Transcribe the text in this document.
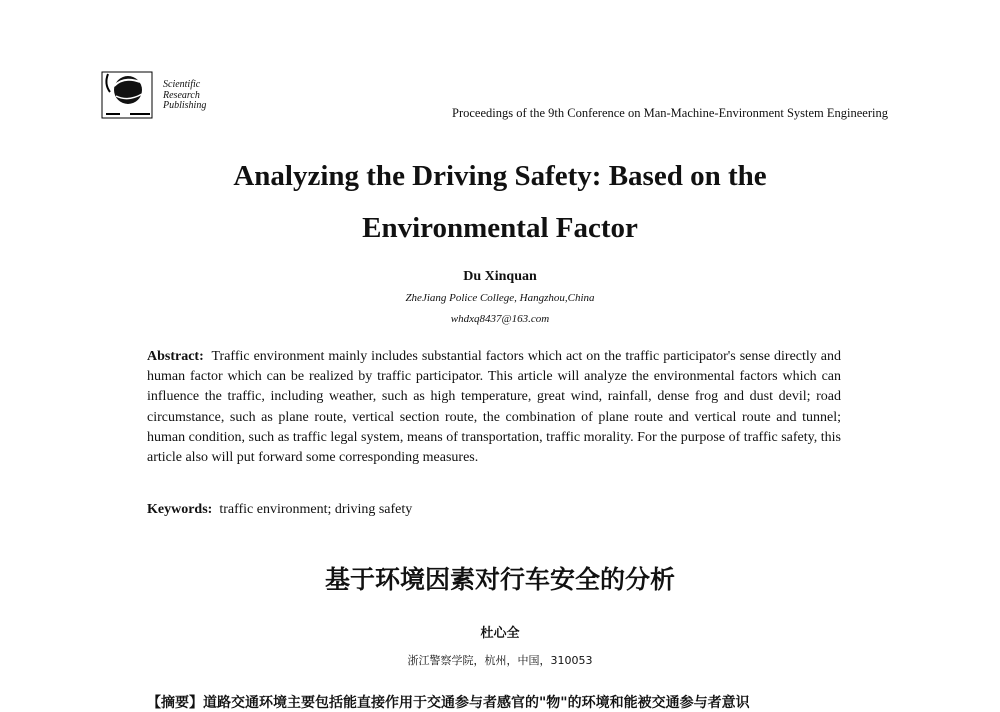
Scientific
Research
Publishing
Proceedings of the 9th Conference on Man-Machine-Environment System Engineering
Analyzing the Driving Safety: Based on the
Environmental Factor
Du Xinquan
ZheJiang Police College, Hangzhou,China
whdxq8437@163.com
Abstract: Traffic environment mainly includes substantial factors which act on the traffic participator's sense directly and human factor which can be realized by traffic participator. This article will analyze the environmental factors which can influence the traffic, including weather, such as high temperature, great wind, rainfall, dense frog and dust devil; road circumstance, such as plane route, vertical section route, the combination of plane route and vertical route and tunnel; human condition, such as traffic legal system, means of transportation, traffic morality. For the purpose of traffic safety, this article also will put forward some corresponding measures.
Keywords: traffic environment; driving safety
基于环境因素对行车安全的分析
杜心全
浙江警察学院，杭州，中国，310053
【摘要】道路交通环境主要包括能直接作用于交通参与者感官的"物"的环境和能被交通参与者意识
